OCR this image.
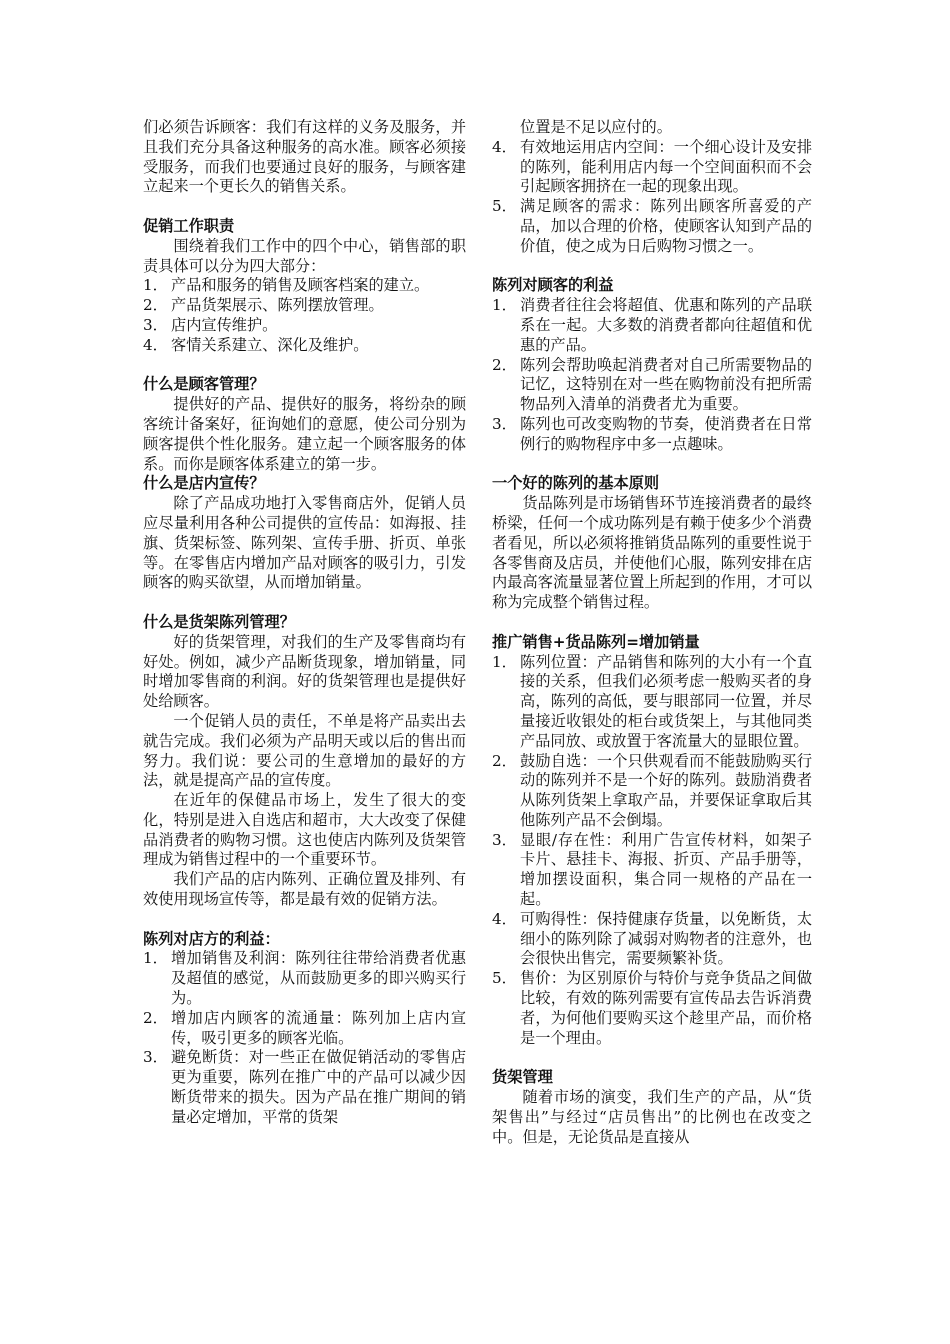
们必须告诉顾客：我们有这样的义务及服务，并且我们充分具备这种服务的高水准。顾客必须接受服务，而我们也要通过良好的服务，与顾客建立起来一个更长久的销售关系。

促销工作职责

围绕着我们工作中的四个中心，销售部的职责具体可以分为四大部分：

1． 产品和服务的销售及顾客档案的建立。
2． 产品货架展示、陈列摆放管理。
3． 店内宣传维护。
4． 客情关系建立、深化及维护。
什么是顾客管理？

提供好的产品、提供好的服务，将纷杂的顾客统计备案好，征询她们的意愿，使公司分别为顾客提供个性化服务。建立起一个顾客服务的体系。而你是顾客体系建立的第一步。

什么是店内宣传？

除了产品成功地打入零售商店外，促销人员应尽量利用各种公司提供的宣传品：如海报、挂旗、货架标签、陈列架、宣传手册、折页、单张等。在零售店内增加产品对顾客的吸引力，引发顾客的购买欲望，从而增加销量。

什么是货架陈列管理？

好的货架管理，对我们的生产及零售商均有好处。例如，减少产品断货现象，增加销量，同时增加零售商的利润。好的货架管理也是提供好处给顾客。

一个促销人员的责任，不单是将产品卖出去就告完成。我们必须为产品明天或以后的售出而努力。我们说：要公司的生意增加的最好的方法，就是提高产品的宣传度。

在近年的保健品市场上，发生了很大的变化，特别是进入自选店和超市，大大改变了保健品消费者的购物习惯。这也使店内陈列及货架管理成为销售过程中的一个重要环节。

我们产品的店内陈列、正确位置及排列、有效使用现场宣传等，都是最有效的促销方法。

陈列对店方的利益：
1． 增加销售及利润：陈列往往带给消费者优惠及超值的感觉，从而鼓励更多的即兴购买行为。
2． 增加店内顾客的流通量：陈列加上店内宣传，吸引更多的顾客光临。
3． 避免断货：对一些正在做促销活动的零售店更为重要，陈列在推广中的产品可以减少因断货带来的损失。因为产品在推广期间的销量必定增加，平常的货架

位置是不足以应付的。

4． 有效地运用店内空间：一个细心设计及安排的陈列，能利用店内每一个空间面积而不会引起顾客拥挤在一起的现象出现。
5． 满足顾客的需求：陈列出顾客所喜爱的产品，加以合理的价格，使顾客认知到产品的价值，使之成为日后购物习惯之一。
陈列对顾客的利益
1． 消费者往往会将超值、优惠和陈列的产品联系在一起。大多数的消费者都向往超值和优惠的产品。
2． 陈列会帮助唤起消费者对自己所需要物品的记忆，这特别在对一些在购物前没有把所需物品列入清单的消费者尤为重要。
3． 陈列也可改变购物的节奏，使消费者在日常例行的购物程序中多一点趣味。
一个好的陈列的基本原则

货品陈列是市场销售环节连接消费者的最终桥梁，任何一个成功陈列是有赖于使多少个消费者看见，所以必须将推销货品陈列的重要性说于各零售商及店员，并使他们心服，陈列安排在店内最高客流量显著位置上所起到的作用，才可以称为完成整个销售过程。

推广销售+货品陈列=增加销量
1． 陈列位置：产品销售和陈列的大小有一个直接的关系，但我们必须考虑一般购买者的身高，陈列的高低，要与眼部同一位置，并尽量接近收银处的柜台或货架上，与其他同类产品同放、或放置于客流量大的显眼位置。
2． 鼓励自选：一个只供观看而不能鼓励购买行动的陈列并不是一个好的陈列。鼓励消费者从陈列货架上拿取产品，并要保证拿取后其他陈列产品不会倒塌。
3． 显眼/存在性：利用广告宣传材料，如架子卡片、悬挂卡、海报、折页、产品手册等，增加摆设面积，集合同一规格的产品在一起。
4． 可购得性：保持健康存货量，以免断货，太细小的陈列除了减弱对购物者的注意外，也会很快出售完，需要频繁补货。
5． 售价：为区别原价与特价与竞争货品之间做比较，有效的陈列需要有宣传品去告诉消费者，为何他们要购买这个趁里产品，而价格是一个理由。
货架管理

随着市场的演变，我们生产的产品，从“货架售出”与经过“店员售出”的比例也在改变之中。但是，无论货品是直接从
